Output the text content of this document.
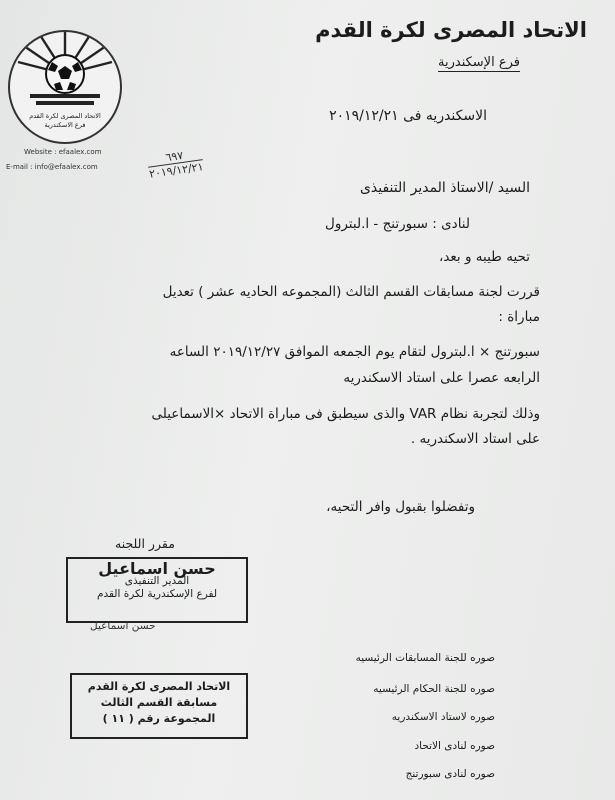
الاتحاد المصرى لكرة القدم
فرع الاسكندرية
Website : efaalex.com
E-mail : info@efaalex.com
الاتحاد المصرى لكرة القدم
فرع الإسكندرية
الاسكندريه فى ٢٠١٩/١٢/٢١
٦٩٧
٢٠١٩/١٢/٢١
السيد /الاستاذ المدير التنفيذى
لنادى : سبورتنج - ا.لبترول
تحيه طيبه و بعد،
قررت لجنة مسابقات القسم الثالث (المجموعه الحاديه عشر ) تعديل
مباراة :
سبورتنج × ا.لبترول لتقام يوم الجمعه الموافق ٢٠١٩/١٢/٢٧ الساعه
الرابعه عصرا على استاد الاسكندريه
وذلك لتجربة نظام VAR والذى سيطبق فى مباراة الاتحاد ×الاسماعيلى
على استاد الاسكندريه .
وتفضلوا بقبول وافر التحيه،
مقرر اللجنه
حسن اسماعيل
المدير التنفيذى
لفرع الإسكندرية لكرة القدم
حسن اسماعيل
الاتحاد المصرى لكرة القدم
مسابقة القسم الثالث
المجموعة رقم ( ١١ )
صوره للجنة المسابقات الرئيسيه
صوره للجنة الحكام الرئيسيه
صوره لاستاد الاسكندريه
صوره لنادى الاتحاد
صوره لنادى سبورتنج
